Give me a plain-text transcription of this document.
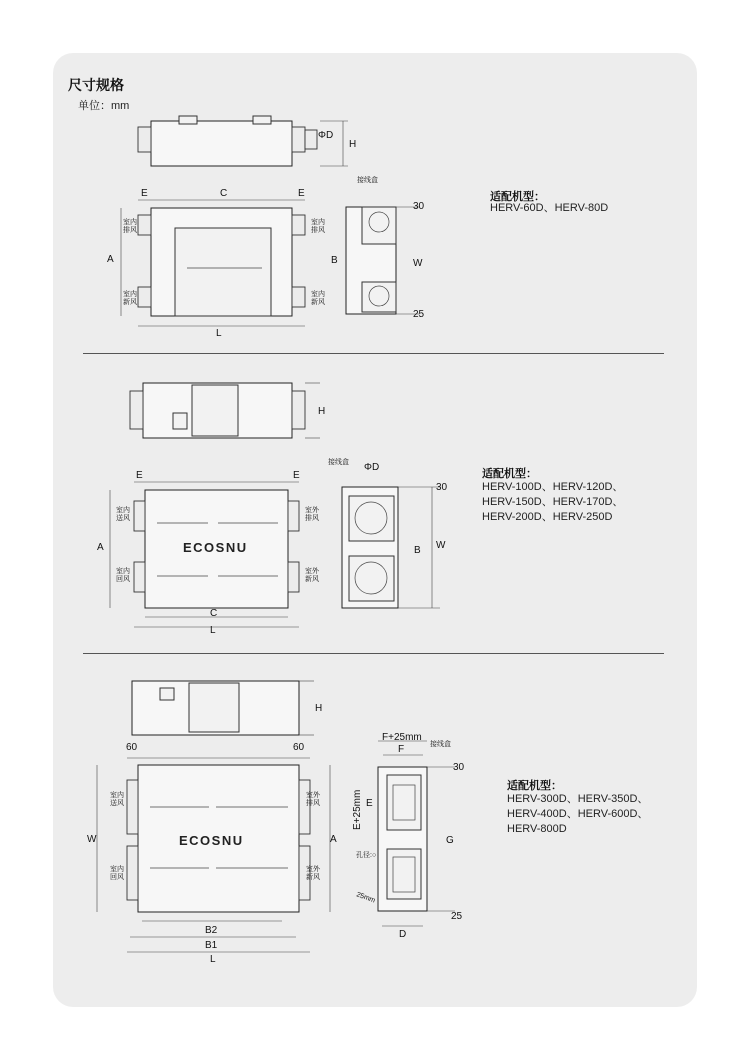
尺寸规格
单位：mm
适配机型：
HERV-60D、HERV-80D
适配机型：
HERV-100D、HERV-120D、
HERV-150D、HERV-170D、
HERV-200D、HERV-250D
适配机型：
HERV-300D、HERV-350D、
HERV-400D、HERV-600D、
HERV-800D
ΦD
H
E	C	E
A
L
室内
排风
室内
新风
室内
排风
室内
新风
接线盒
30
B	W
25
H
ECOSNU
E	E
A
C
L
室内
送风
室内
回风
室外
排风
室外
新风
接线盒 ΦD
30
B W
H
ECOSNU
60	60
W	A
B2
B1
L
室内
送风
室内
回风
室外
排风
室外
新风
F+25mm
F	接线盒
30
E+25mm E
G
孔径:○
25mm
25
D
